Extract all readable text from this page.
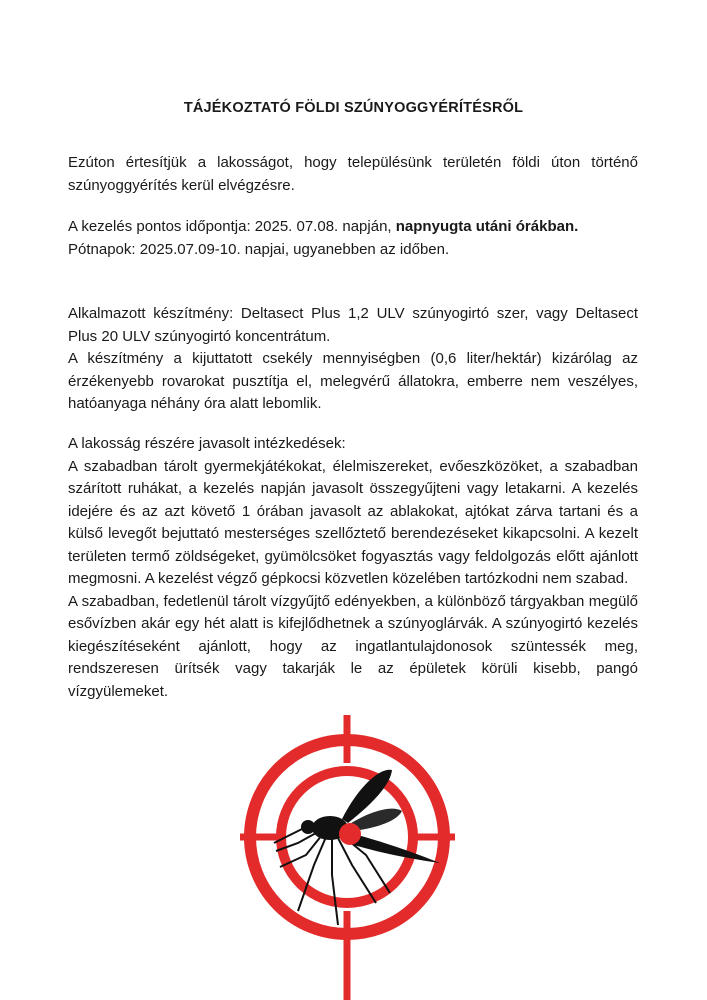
TÁJÉKOZTATÓ FÖLDI SZÚNYOGGYÉRÍTÉSRŐL

Ezúton értesítjük a lakosságot, hogy településünk területén földi úton történő szúnyoggyérítés kerül elvégzésre.

A kezelés pontos időpontja: 2025. 07.08. napján, napnyugta utáni órákban.

Pótnapok: 2025.07.09-10. napjai, ugyanebben az időben.

Alkalmazott készítmény: Deltasect Plus 1,2 ULV szúnyogirtó szer, vagy Deltasect Plus 20 ULV szúnyogirtó koncentrátum.

A készítmény a kijuttatott csekély mennyiségben (0,6 liter/hektár) kizárólag az érzékenyebb rovarokat pusztítja el, melegvérű állatokra, emberre nem veszélyes, hatóanyaga néhány óra alatt lebomlik.

A lakosság részére javasolt intézkedések:

A szabadban tárolt gyermekjátékokat, élelmiszereket, evőeszközöket, a szabadban szárított ruhákat, a kezelés napján javasolt összegyűjteni vagy letakarni. A kezelés idejére és az azt követő 1 órában javasolt az ablakokat, ajtókat zárva tartani és a külső levegőt bejuttató mesterséges szellőztető berendezéseket kikapcsolni. A kezelt területen termő zöldségeket, gyümölcsöket fogyasztás vagy feldolgozás előtt ajánlott megmosni. A kezelést végző gépkocsi közvetlen közelében tartózkodni nem szabad.

A szabadban, fedetlenül tárolt vízgyűjtő edényekben, a különböző tárgyakban megülő esővízben akár egy hét alatt is kifejlődhetnek a szúnyoglárvák. A szúnyogirtó kezelés kiegészítéseként ajánlott, hogy az ingatlantulajdonosok szüntessék meg, rendszeresen ürítsék vagy takarják le az épületek körüli kisebb, pangó vízgyülemeket.
